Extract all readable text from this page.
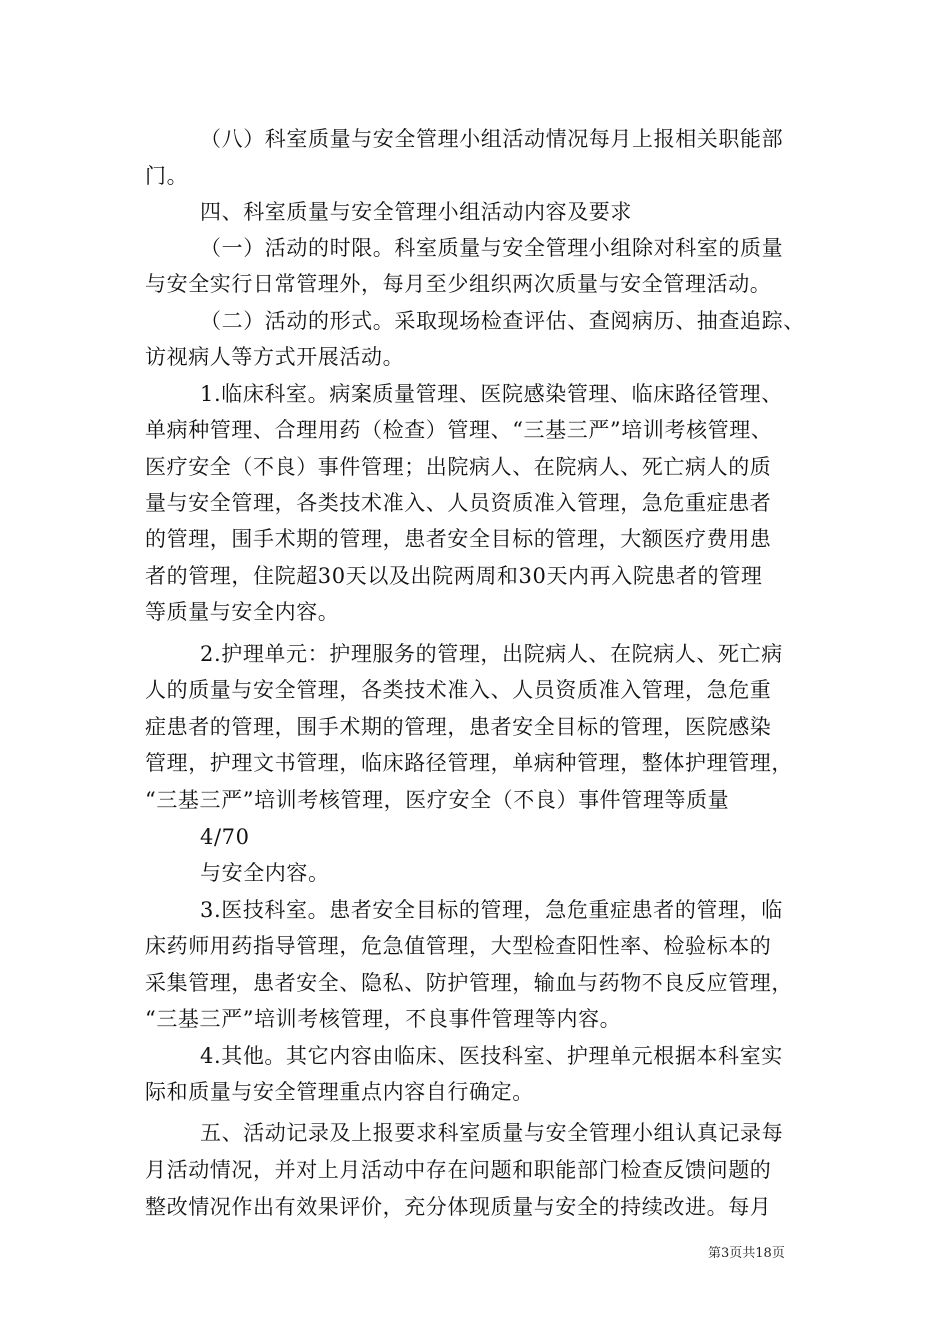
（八）科室质量与安全管理小组活动情况每月上报相关职能部
门。
四、科室质量与安全管理小组活动内容及要求
（一）活动的时限。科室质量与安全管理小组除对科室的质量
与安全实行日常管理外，每月至少组织两次质量与安全管理活动。
（二）活动的形式。采取现场检查评估、查阅病历、抽查追踪、
访视病人等方式开展活动。
1.临床科室。病案质量管理、医院感染管理、临床路径管理、
单病种管理、合理用药（检查）管理、“三基三严”培训考核管理、
医疗安全（不良）事件管理；出院病人、在院病人、死亡病人的质
量与安全管理，各类技术准入、人员资质准入管理，急危重症患者
的管理，围手术期的管理，患者安全目标的管理，大额医疗费用患
者的管理，住院超30天以及出院两周和30天内再入院患者的管理
等质量与安全内容。
2.护理单元：护理服务的管理，出院病人、在院病人、死亡病
人的质量与安全管理，各类技术准入、人员资质准入管理，急危重
症患者的管理，围手术期的管理，患者安全目标的管理，医院感染
管理，护理文书管理，临床路径管理，单病种管理，整体护理管理，
“三基三严”培训考核管理，医疗安全（不良）事件管理等质量
4/70
与安全内容。
3.医技科室。患者安全目标的管理，急危重症患者的管理，临
床药师用药指导管理，危急值管理，大型检查阳性率、检验标本的
采集管理，患者安全、隐私、防护管理，输血与药物不良反应管理，
“三基三严”培训考核管理，不良事件管理等内容。
4.其他。其它内容由临床、医技科室、护理单元根据本科室实
际和质量与安全管理重点内容自行确定。
五、活动记录及上报要求科室质量与安全管理小组认真记录每
月活动情况，并对上月活动中存在问题和职能部门检查反馈问题的
整改情况作出有效果评价，充分体现质量与安全的持续改进。每月
第3页共18页
